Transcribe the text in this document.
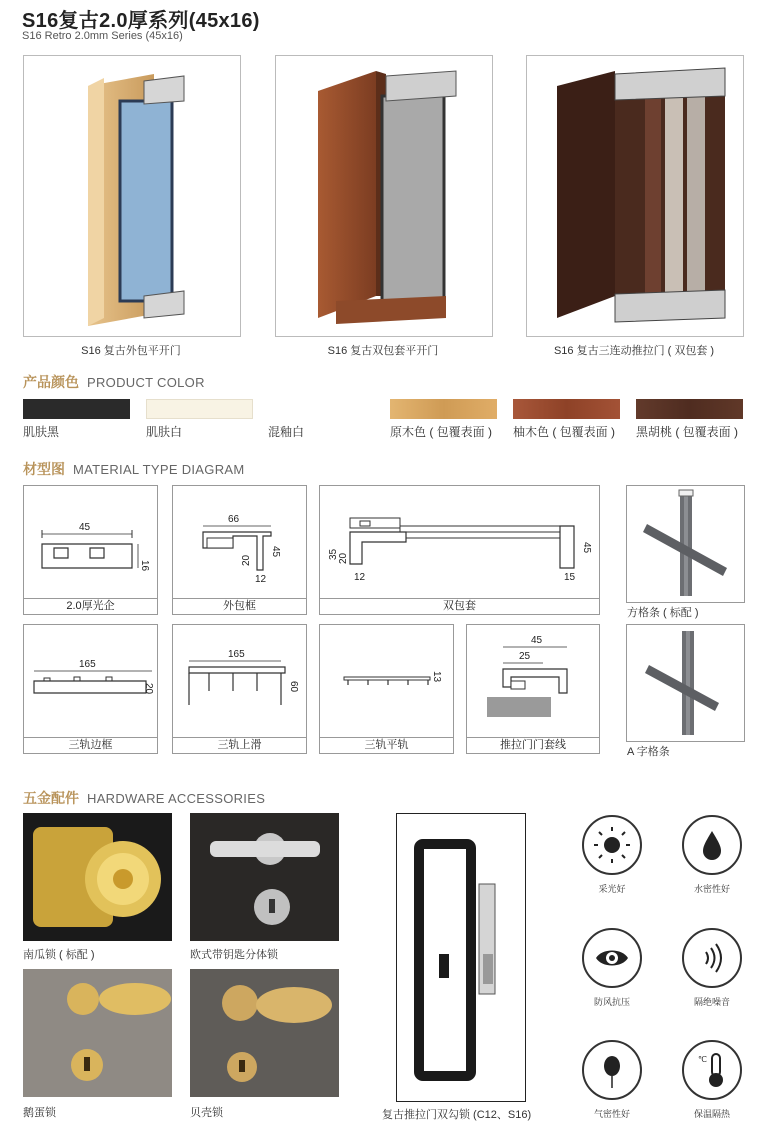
S16复古2.0厚系列(45x16)
S16 Retro 2.0mm Series (45x16)
S16 复古外包平开门	S16 复古双包套平开门	S16 复古三连动推拉门 ( 双包套 )
产品颜色 PRODUCT COLOR
肌肤黑	肌肤白	混釉白	原木色 ( 包覆表面 ) 柚木色 ( 包覆表面 ) 黑胡桃 ( 包覆表面 )
材型图 MATERIAL TYPE DIAGRAM
45
16
2.0厚光企
66
45
20
12
外包框
35 20
12
45
15
双包套
方格条 ( 标配 )
165
20
三轨边框
165
60
三轨上滑
13
三轨平轨
45
25
推拉门门套线
A 字格条
五金配件 HARDWARE ACCESSORIES
南瓜锁 ( 标配 )	欧式带钥匙分体锁
鹅蛋锁	贝壳锁	复古推拉门双勾锁 (C12、S16)
采光好	水密性好
防风抗压	隔绝噪音
气密性好
℃
保温隔热
